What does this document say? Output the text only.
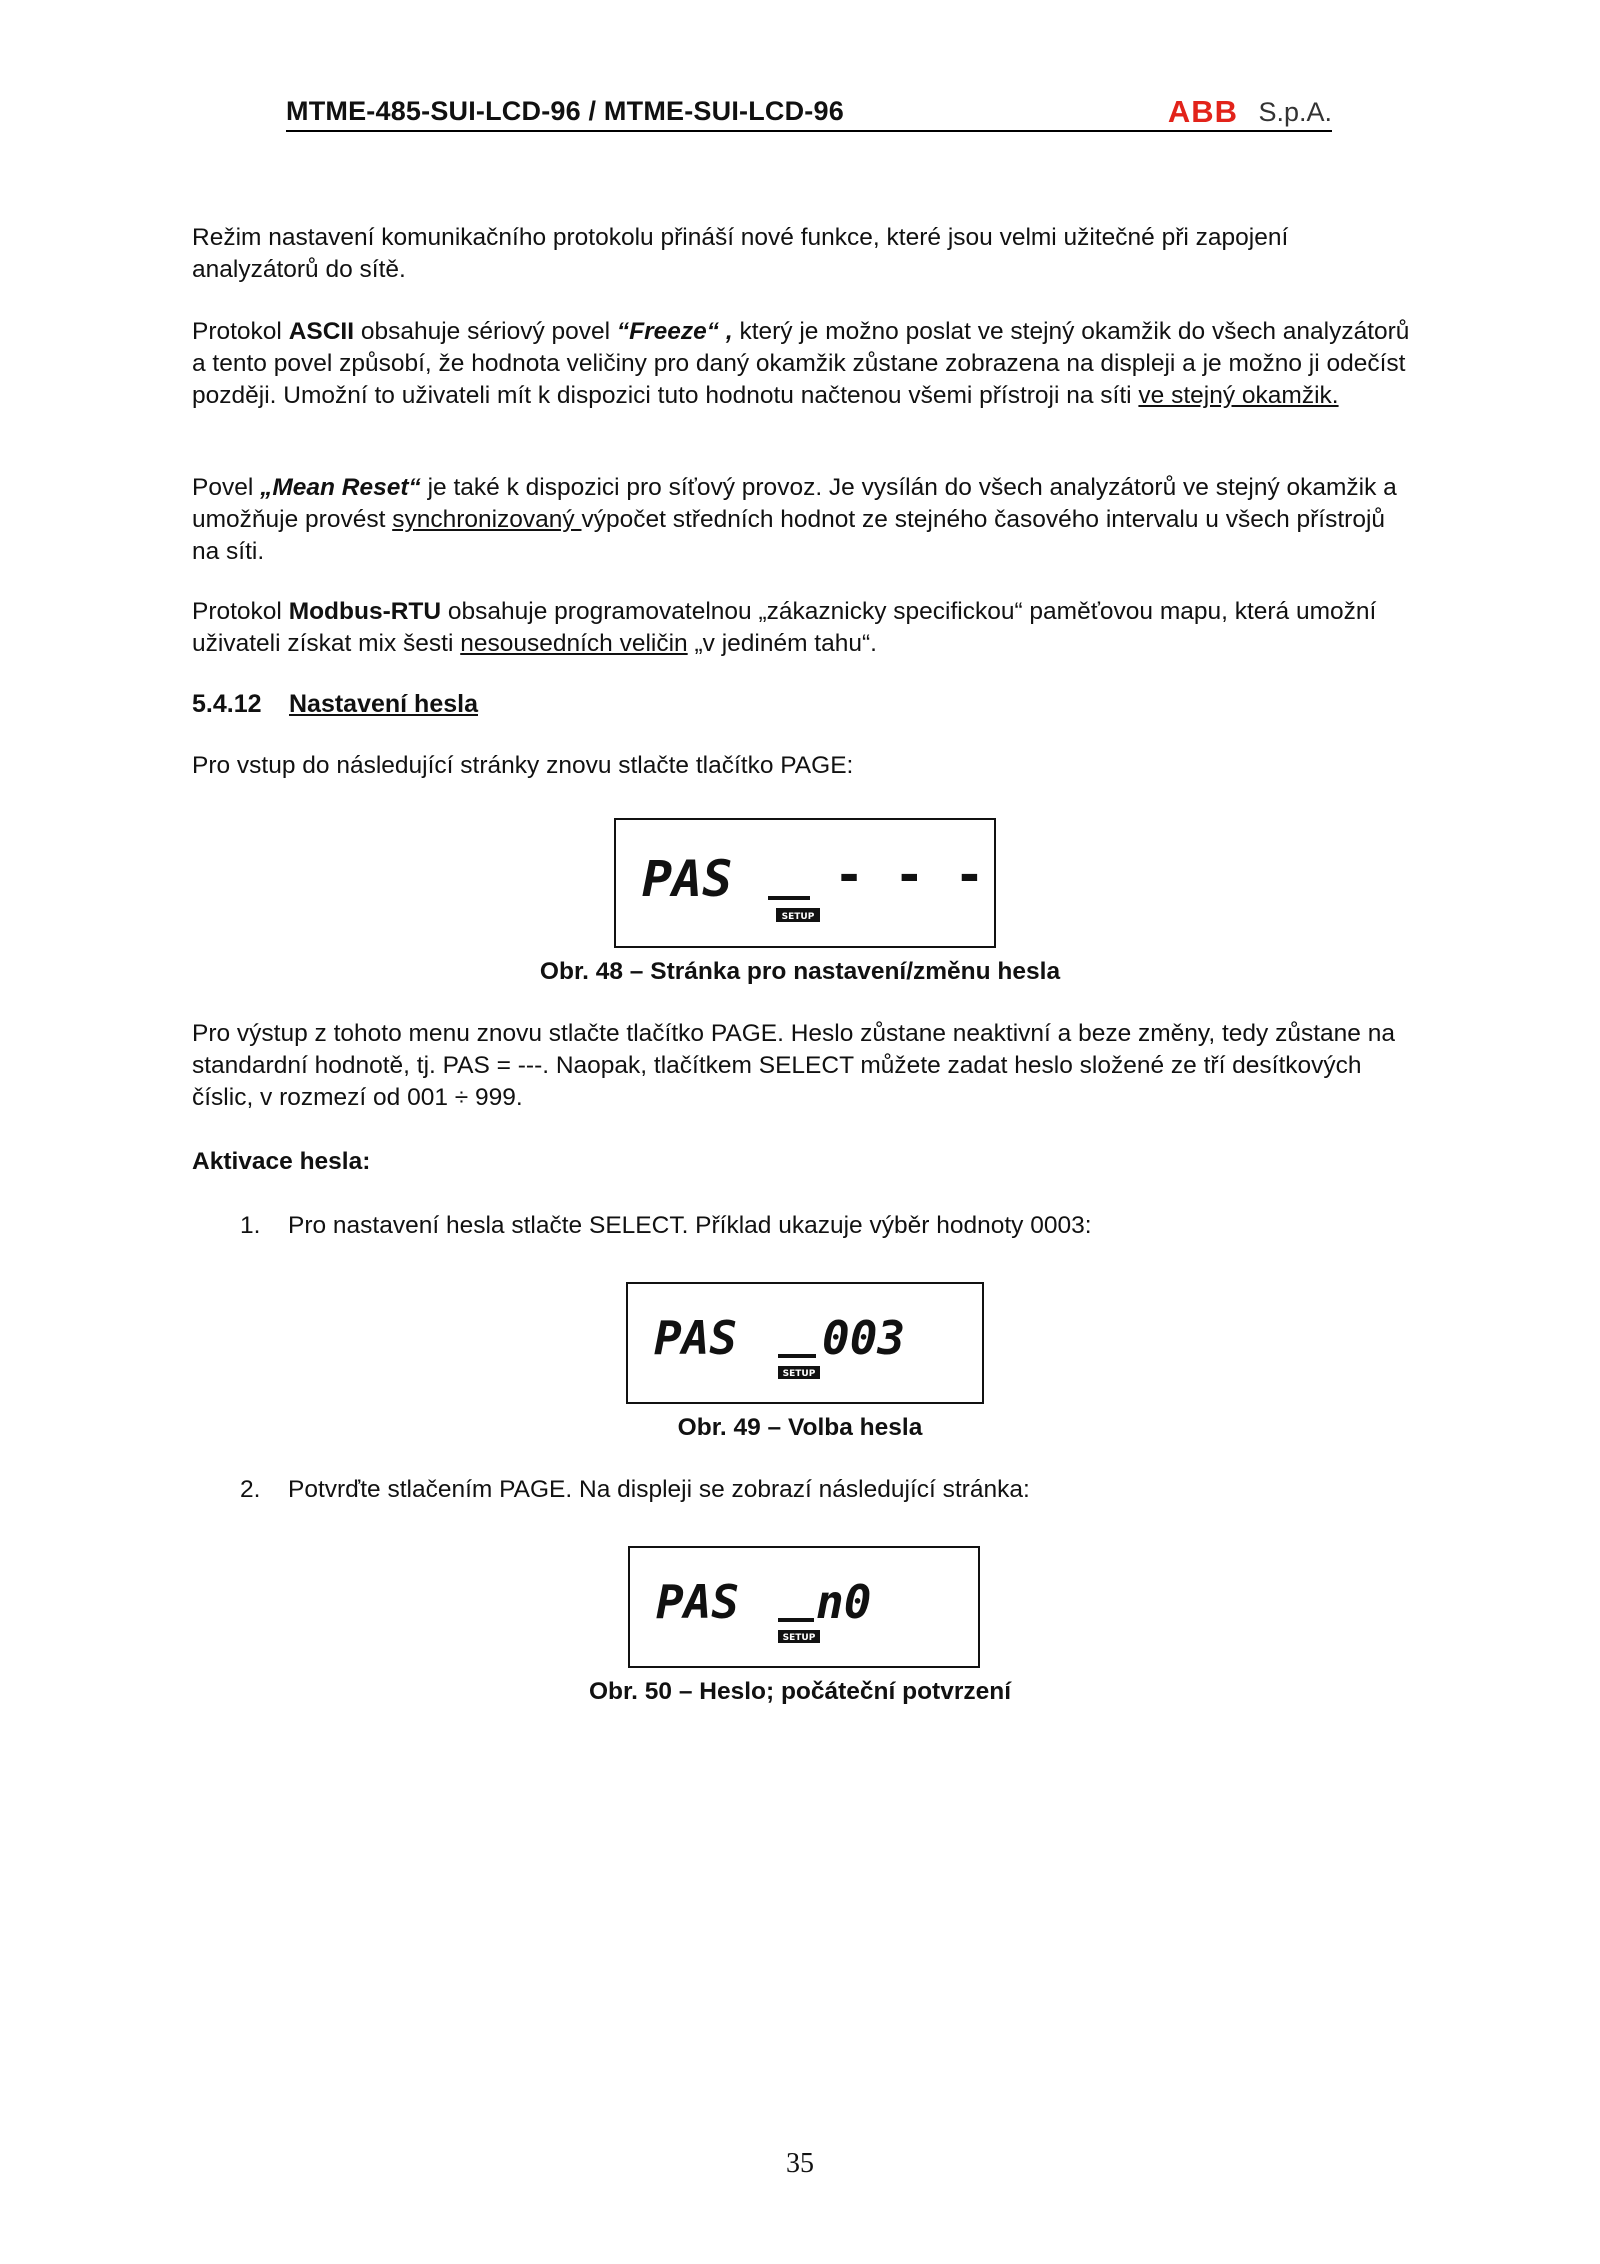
MTME-485-SUI-LCD-96 / MTME-SUI-LCD-96	ABB S.p.A.
Režim nastavení komunikačního protokolu přináší nové funkce, které jsou velmi užitečné při zapojení analyzátorů do sítě.
Protokol ASCII obsahuje sériový povel “Freeze“ , který je možno poslat ve stejný okamžik do všech analyzátorů a tento povel způsobí, že hodnota veličiny pro daný okamžik zůstane zobrazena na displeji a je možno ji odečíst později. Umožní to uživateli mít k dispozici tuto hodnotu načtenou všemi přístroji na síti ve stejný okamžik.
Povel „Mean Reset“ je také k dispozici pro síťový provoz. Je vysílán do všech analyzátorů ve stejný okamžik a umožňuje provést synchronizovaný výpočet středních hodnot ze stejného časového intervalu u všech přístrojů na síti.
Protokol Modbus-RTU obsahuje programovatelnou „zákaznicky specifickou“ paměťovou mapu, která umožní uživateli získat mix šesti nesousedních veličin „v jediném tahu“.
5.4.12 Nastavení hesla
Pro vstup do následující stránky znovu stlačte tlačítko PAGE:
PAS - - -
SETUP
Obr. 48 – Stránka pro nastavení/změnu hesla
Pro výstup z tohoto menu znovu stlačte tlačítko PAGE. Heslo zůstane neaktivní a beze změny, tedy zůstane na standardní hodnotě, tj. PAS = ---. Naopak, tlačítkem SELECT můžete zadat heslo složené ze tří desítkových číslic, v rozmezí od 001 ÷ 999.
Aktivace hesla:
1. Pro nastavení hesla stlačte SELECT. Příklad ukazuje výběr hodnoty 0003:
PAS 003
SETUP
Obr. 49 – Volba hesla
2. Potvrďte stlačením PAGE. Na displeji se zobrazí následující stránka:
PAS n0
SETUP
Obr. 50 – Heslo; počáteční potvrzení
35
